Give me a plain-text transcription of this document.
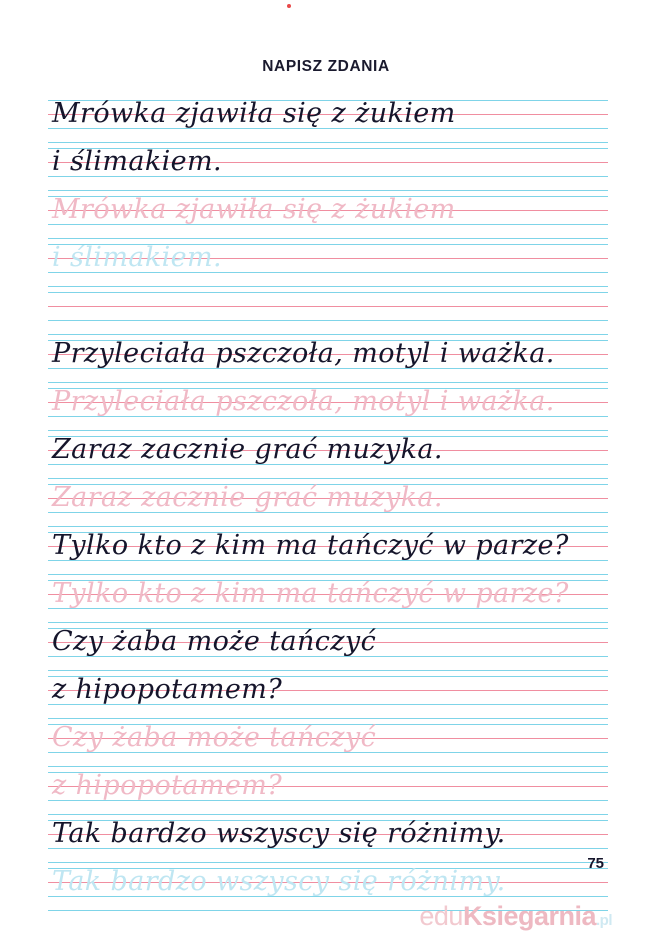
NAPISZ ZDANIA
Mrówka zjawiła się z żukiem
i ślimakiem.
Mrówka zjawiła się z żukiem
i ślimakiem.
Przyleciała pszczoła, motyl i ważka.
Przyleciała pszczoła, motyl i ważka.
Zaraz zacznie grać muzyka.
Zaraz zacznie grać muzyka.
Tylko kto z kim ma tańczyć w parze?
Tylko kto z kim ma tańczyć w parze?
Czy żaba może tańczyć
z hipopotamem?
Czy żaba może tańczyć
z hipopotamem?
Tak bardzo wszyscy się różnimy.
Tak bardzo wszyscy się różnimy.
75
eduKsiegarnia.pl
